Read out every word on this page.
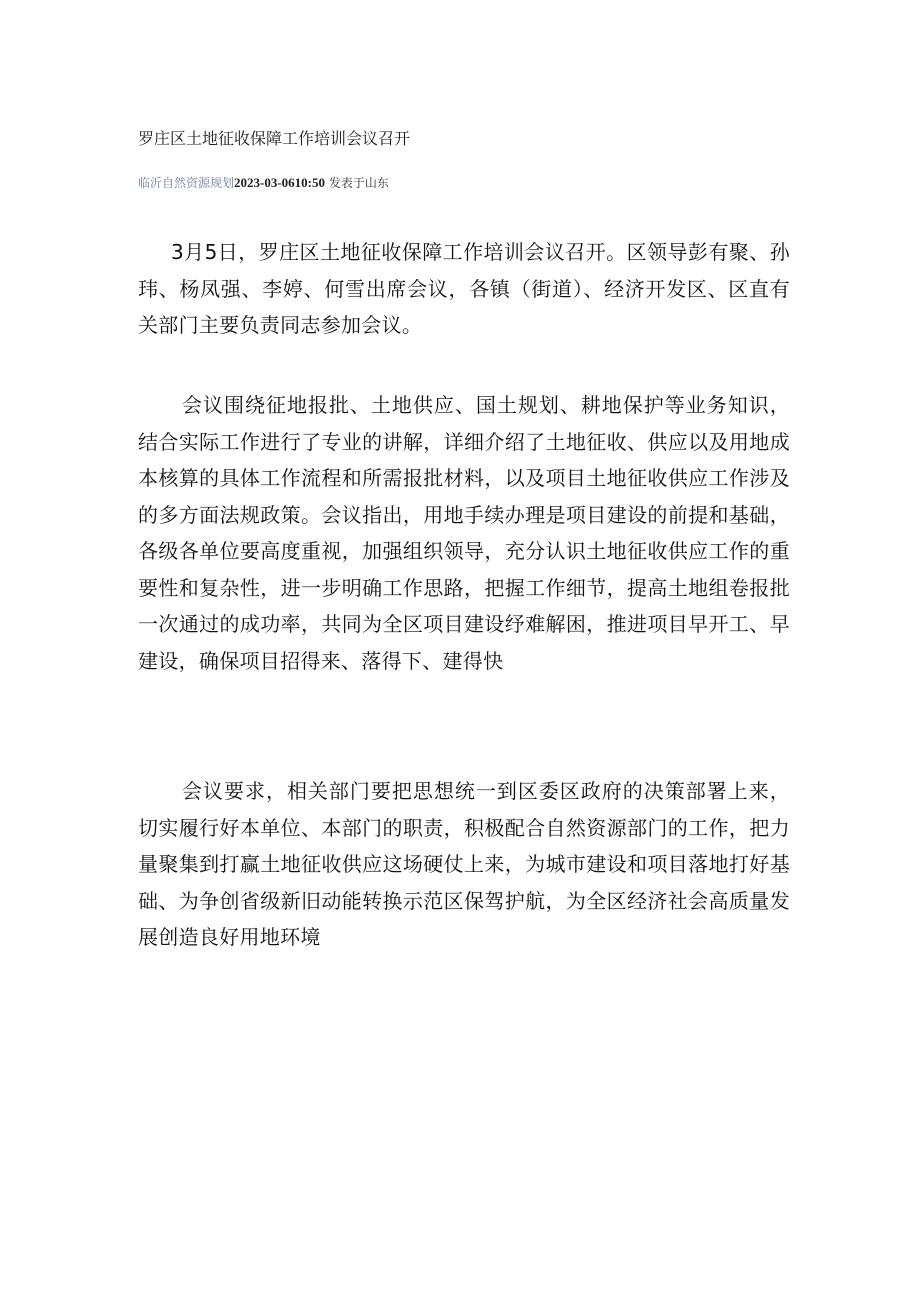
罗庄区土地征收保障工作培训会议召开
临沂自然资源规划2023-03-0610:50 发表于山东

3月5日，罗庄区土地征收保障工作培训会议召开。区领导彭有聚、孙玮、杨凤强、李婷、何雪出席会议，各镇（街道）、经济开发区、区直有关部门主要负责同志参加会议。

会议围绕征地报批、土地供应、国土规划、耕地保护等业务知识，结合实际工作进行了专业的讲解，详细介绍了土地征收、供应以及用地成本核算的具体工作流程和所需报批材料，以及项目土地征收供应工作涉及的多方面法规政策。会议指出，用地手续办理是项目建设的前提和基础，各级各单位要高度重视，加强组织领导，充分认识土地征收供应工作的重要性和复杂性，进一步明确工作思路，把握工作细节，提高土地组卷报批一次通过的成功率，共同为全区项目建设纾难解困，推进项目早开工、早建设，确保项目招得来、落得下、建得快

会议要求，相关部门要把思想统一到区委区政府的决策部署上来，切实履行好本单位、本部门的职责，积极配合自然资源部门的工作，把力量聚集到打赢土地征收供应这场硬仗上来，为城市建设和项目落地打好基础、为争创省级新旧动能转换示范区保驾护航，为全区经济社会高质量发展创造良好用地环境
